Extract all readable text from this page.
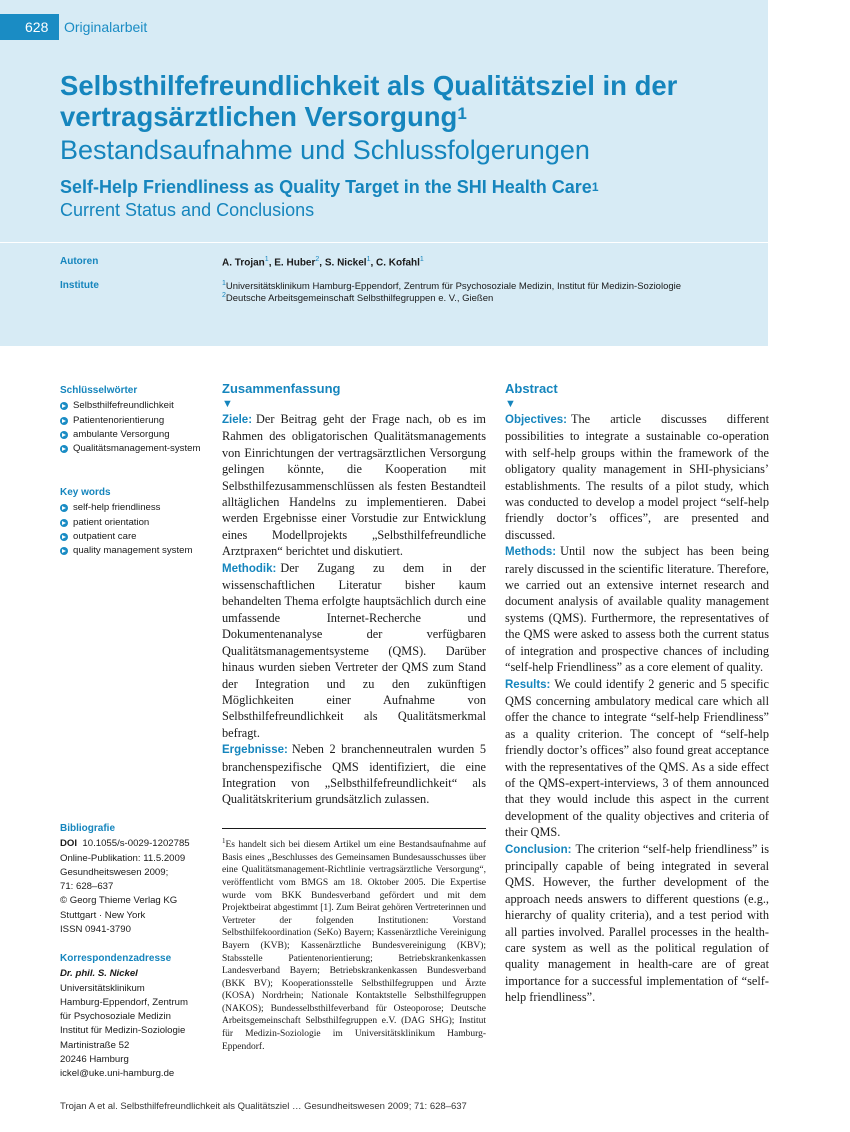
628	Originalarbeit
Selbsthilfefreundlichkeit als Qualitätsziel in der vertragsärztlichen Versorgung$^1$
Bestandsaufnahme und Schlussfolgerungen
Self-Help Friendliness as Quality Target in the SHI Health Care$^1$
Current Status and Conclusions
Autoren	A. Trojan$^1$, E. Huber$^2$, S. Nickel$^1$, C. Kofahl$^1$
Institute	$^1$Universitätsklinikum Hamburg-Eppendorf, Zentrum für Psychosoziale Medizin, Institut für Medizin-Soziologie
$^2$Deutsche Arbeitsgemeinschaft Selbsthilfegruppen e. V., Gießen
Schlüsselwörter
Selbsthilfefreundlichkeit
Patientenorientierung
ambulante Versorgung
Qualitätsmanagement-system
Key words
self-help friendliness
patient orientation
outpatient care
quality management system
Bibliografie
DOI 10.1055/s-0029-1202785
Online-Publikation: 11.5.2009
Gesundheitswesen 2009;
71: 628–637
© Georg Thieme Verlag KG
Stuttgart · New York
ISSN 0941-3790
Korrespondenzadresse
Dr. phil. S. Nickel
Universitätsklinikum
Hamburg-Eppendorf, Zentrum
für Psychosoziale Medizin
Institut für Medizin-Soziologie
Martinistraße 52
20246 Hamburg
ickel@uke.uni-hamburg.de
Zusammenfassung
▼
Ziele: Der Beitrag geht der Frage nach, ob es im Rahmen des obligatorischen Qualitätsmanagements von Einrichtungen der vertragsärztlichen Versorgung gelingen könnte, die Kooperation mit Selbsthilfezusammenschlüssen als festen Bestandteil alltäglichen Handelns zu implementieren. Dabei werden Ergebnisse einer Vorstudie zur Entwicklung eines Modellprojekts „Selbsthilfefreundliche Arztpraxen“ berichtet und diskutiert.
Methodik: Der Zugang zu dem in der wissenschaftlichen Literatur bisher kaum behandelten Thema erfolgte hauptsächlich durch eine umfassende Internet-Recherche und Dokumentenanalyse der verfügbaren Qualitätsmanagementsysteme (QMS). Darüber hinaus wurden sieben Vertreter der QMS zum Stand der Integration und zu den zukünftigen Möglichkeiten einer Aufnahme von Selbsthilfefreundlichkeit als Qualitätsmerkmal befragt.
Ergebnisse: Neben 2 branchenneutralen wurden 5 branchenspezifische QMS identifiziert, die eine Integration von „Selbsthilfefreundlichkeit“ als Qualitätskriterium grundsätzlich zulassen.
$^1$Es handelt sich bei diesem Artikel um eine Bestandsaufnahme auf Basis eines „Beschlusses des Gemeinsamen Bundesausschusses über eine Qualitätsmanagement-Richtlinie vertragsärztliche Versorgung“, veröffentlicht vom BMGS am 18. Oktober 2005. Die Expertise wurde vom BKK Bundesverband gefördert und mit dem Projektbeirat abgestimmt [1]. Zum Beirat gehören Vertreterinnen und Vertreter der folgenden Institutionen: Vorstand Selbsthilfekoordination (SeKo) Bayern; Kassenärztliche Vereinigung Bayern (KVB); Kassenärztliche Bundesvereinigung (KBV); Stabsstelle Patientenorientierung; Betriebskrankenkassen Landesverband Bayern; Betriebskrankenkassen Bundesverband (BKK BV); Kooperationsstelle Selbsthilfegruppen und Ärzte (KOSA) Nordrhein; Nationale Kontaktstelle Selbsthilfegruppen (NAKOS); Bundesselbsthilfeverband für Osteoporose; Deutsche Arbeitsgemeinschaft Selbsthilfegruppen e.V. (DAG SHG); Institut für Medizin-Soziologie im Universitätsklinikum Hamburg-Eppendorf.
Abstract
▼
Objectives: The article discusses different possibilities to integrate a sustainable co-operation with self-help groups within the framework of the obligatory quality management in SHI-physicians’ establishments. The results of a pilot study, which was conducted to develop a model project “self-help friendly doctor’s offices”, are presented and discussed.
Methods: Until now the subject has been being rarely discussed in the scientific literature. Therefore, we carried out an extensive internet research and document analysis of available quality management systems (QMS). Furthermore, the representatives of the QMS were asked to assess both the current status of integration and prospective chances of including “self-help Friendliness” as a core element of quality.
Results: We could identify 2 generic and 5 specific QMS concerning ambulatory medical care which all offer the chance to integrate “self-help Friendliness” as a quality criterion. The concept of “self-help friendly doctor’s offices” also found great acceptance with the representatives of the QMS. As a side effect of the QMS-expert-interviews, 3 of them announced that they would include this aspect in the current development of the quality objectives and criteria of their QMS.
Conclusion: The criterion “self-help friendliness” is principally capable of being integrated in several QMS. However, the further development of the approach needs answers to different questions (e.g., hierarchy of quality criteria), and a test period with all parties involved. Parallel processes in the health-care system as well as the political regulation of quality management in health-care are of great importance for a successful implementation of “self-help friendliness”.
Trojan A et al. Selbsthilfefreundlichkeit als Qualitätsziel … Gesundheitswesen 2009; 71: 628–637
